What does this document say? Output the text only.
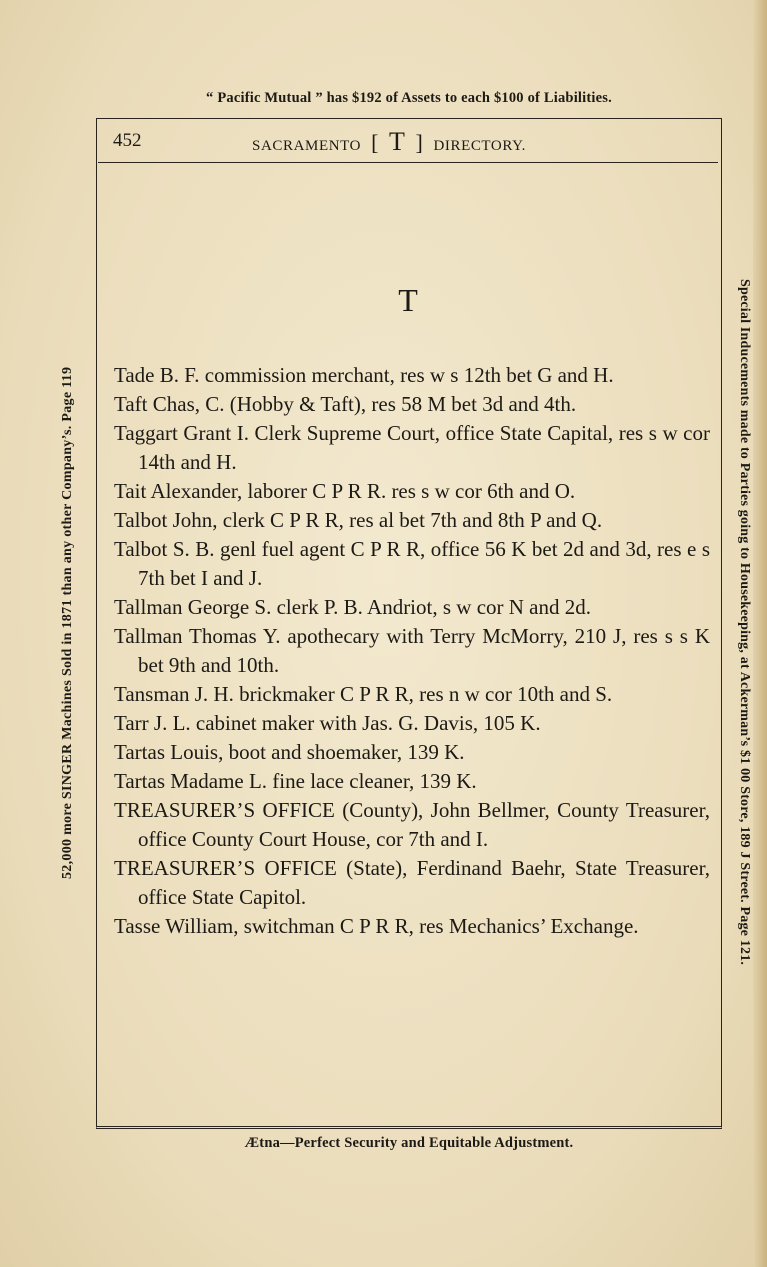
“ Pacific Mutual ” has $192 of Assets to each $100 of Liabilities.
52,000 more SINGER Machines Sold in 1871 than any other Company’s. Page 119	Special Inducements made to Parties going to Housekeeping, at Ackerman’s $1 00 Store, 189 J Street. Page 121.
452	SACRAMENTO [ T ] DIRECTORY.
T

Tade B. F. commission merchant, res w s 12th bet G and H.

Taft Chas, C. (Hobby & Taft), res 58 M bet 3d and 4th.

Taggart Grant I. Clerk Supreme Court, office State Capital, res s w cor 14th and H.

Tait Alexander, laborer C P R R. res s w cor 6th and O.

Talbot John, clerk C P R R, res al bet 7th and 8th P and Q.

Talbot S. B. genl fuel agent C P R R, office 56 K bet 2d and 3d, res e s 7th bet I and J.

Tallman George S. clerk P. B. Andriot, s w cor N and 2d.

Tallman Thomas Y. apothecary with Terry McMorry, 210 J, res s s K bet 9th and 10th.

Tansman J. H. brickmaker C P R R, res n w cor 10th and S.

Tarr J. L. cabinet maker with Jas. G. Davis, 105 K.

Tartas Louis, boot and shoemaker, 139 K.

Tartas Madame L. fine lace cleaner, 139 K.

TREASURER’S OFFICE (County), John Bellmer, County Treasurer, office County Court House, cor 7th and I.

TREASURER’S OFFICE (State), Ferdinand Baehr, State Treasurer, office State Capitol.

Tasse William, switchman C P R R, res Mechanics’ Exchange.

Ætna—Perfect Security and Equitable Adjustment.
